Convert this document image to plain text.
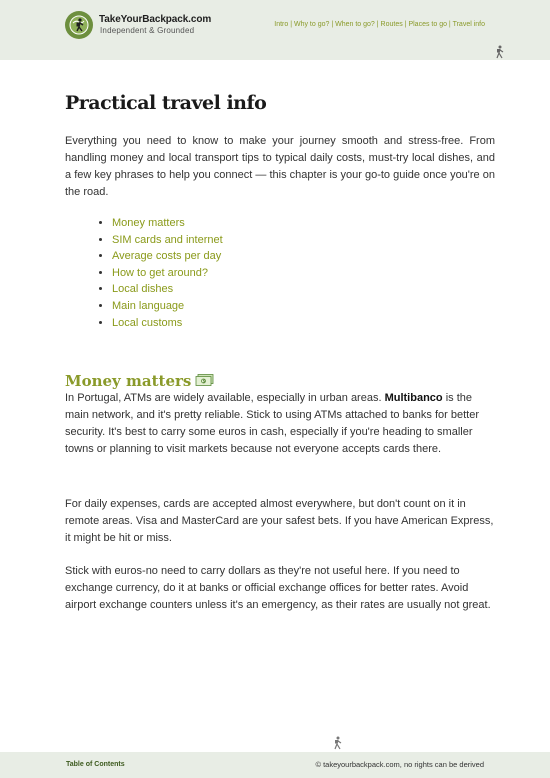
TakeYourBackpack.com
Independent & Grounded
Intro | Why to go? | When to go? | Routes | Places to go | Travel info
Practical travel info

Everything you need to know to make your journey smooth and stress-free. From handling money and local transport tips to typical daily costs, must-try local dishes, and a few key phrases to help you connect — this chapter is your go-to guide once you're on the road.

• Money matters
• SIM cards and internet
• Average costs per day
• How to get around?
• Local dishes
• Main language
• Local customs
Money matters	$

In Portugal, ATMs are widely available, especially in urban areas. Multibanco is the main network, and it's pretty reliable. Stick to using ATMs attached to banks for better security. It's best to carry some euros in cash, especially if you're heading to smaller towns or planning to visit markets because not everyone accepts cards there.

For daily expenses, cards are accepted almost everywhere, but don't count on it in remote areas. Visa and MasterCard are your safest bets. If you have American Express, it might be hit or miss.

Stick with euros-no need to carry dollars as they're not useful here. If you need to exchange currency, do it at banks or official exchange offices for better rates. Avoid airport exchange counters unless it's an emergency, as their rates are usually not great.

Table of Contents	© takeyourbackpack.com, no rights can be derived
